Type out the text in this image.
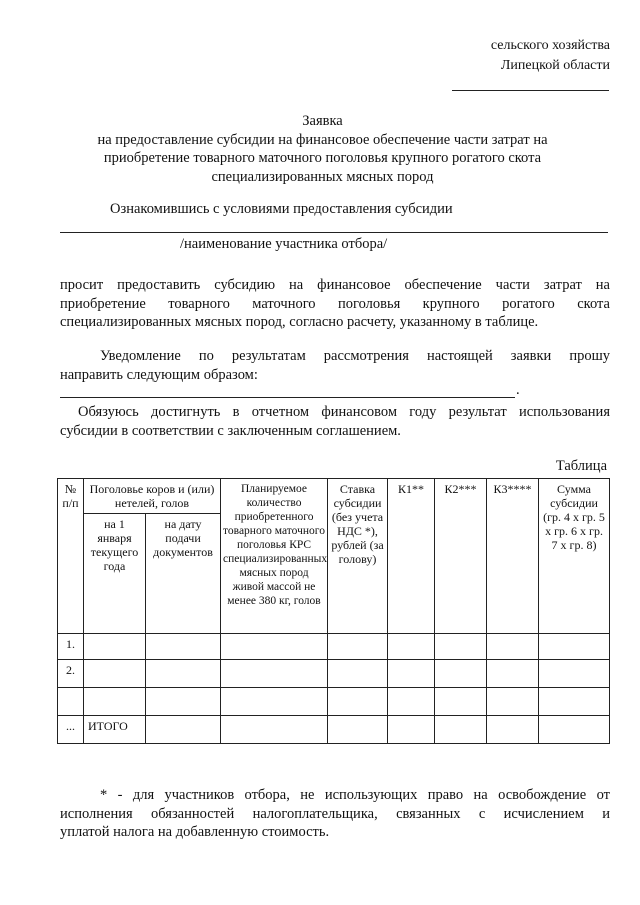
сельского хозяйства
Липецкой области
Заявка
на предоставление субсидии на финансовое обеспечение части затрат на
приобретение товарного маточного поголовья крупного рогатого скота
специализированных мясных пород
Ознакомившись с условиями предоставления субсидии
/наименование участника отбора/
просит предоставить субсидию на финансовое обеспечение части затрат на
приобретение товарного маточного поголовья крупного рогатого скота
специализированных мясных пород, согласно расчету, указанному в таблице.
Уведомление по результатам рассмотрения настоящей заявки прошу
направить следующим образом:
.
Обязуюсь достигнуть в отчетном финансовом году результат использования
субсидии в соответствии с заключенным соглашением.
Таблица
№ п/п	Поголовье коров и (или) нетелей, голов		Планируемое количество приобретенного товарного маточного поголовья КРС специализированных мясных пород живой массой не менее 380 кг, голов	Ставка субсидии (без учета НДС *), рублей (за голову)	К1**	К2***	К3****	Сумма субсидии (гр. 4 х гр. 5 х гр. 6 х гр. 7 х гр. 8)
	на 1 января текущего года	на дату подачи документов						
1.								
2.								

...	ИТОГО							
* - для участников отбора, не использующих право на освобождение от
исполнения обязанностей налогоплательщика, связанных с исчислением и
уплатой налога на добавленную стоимость.
